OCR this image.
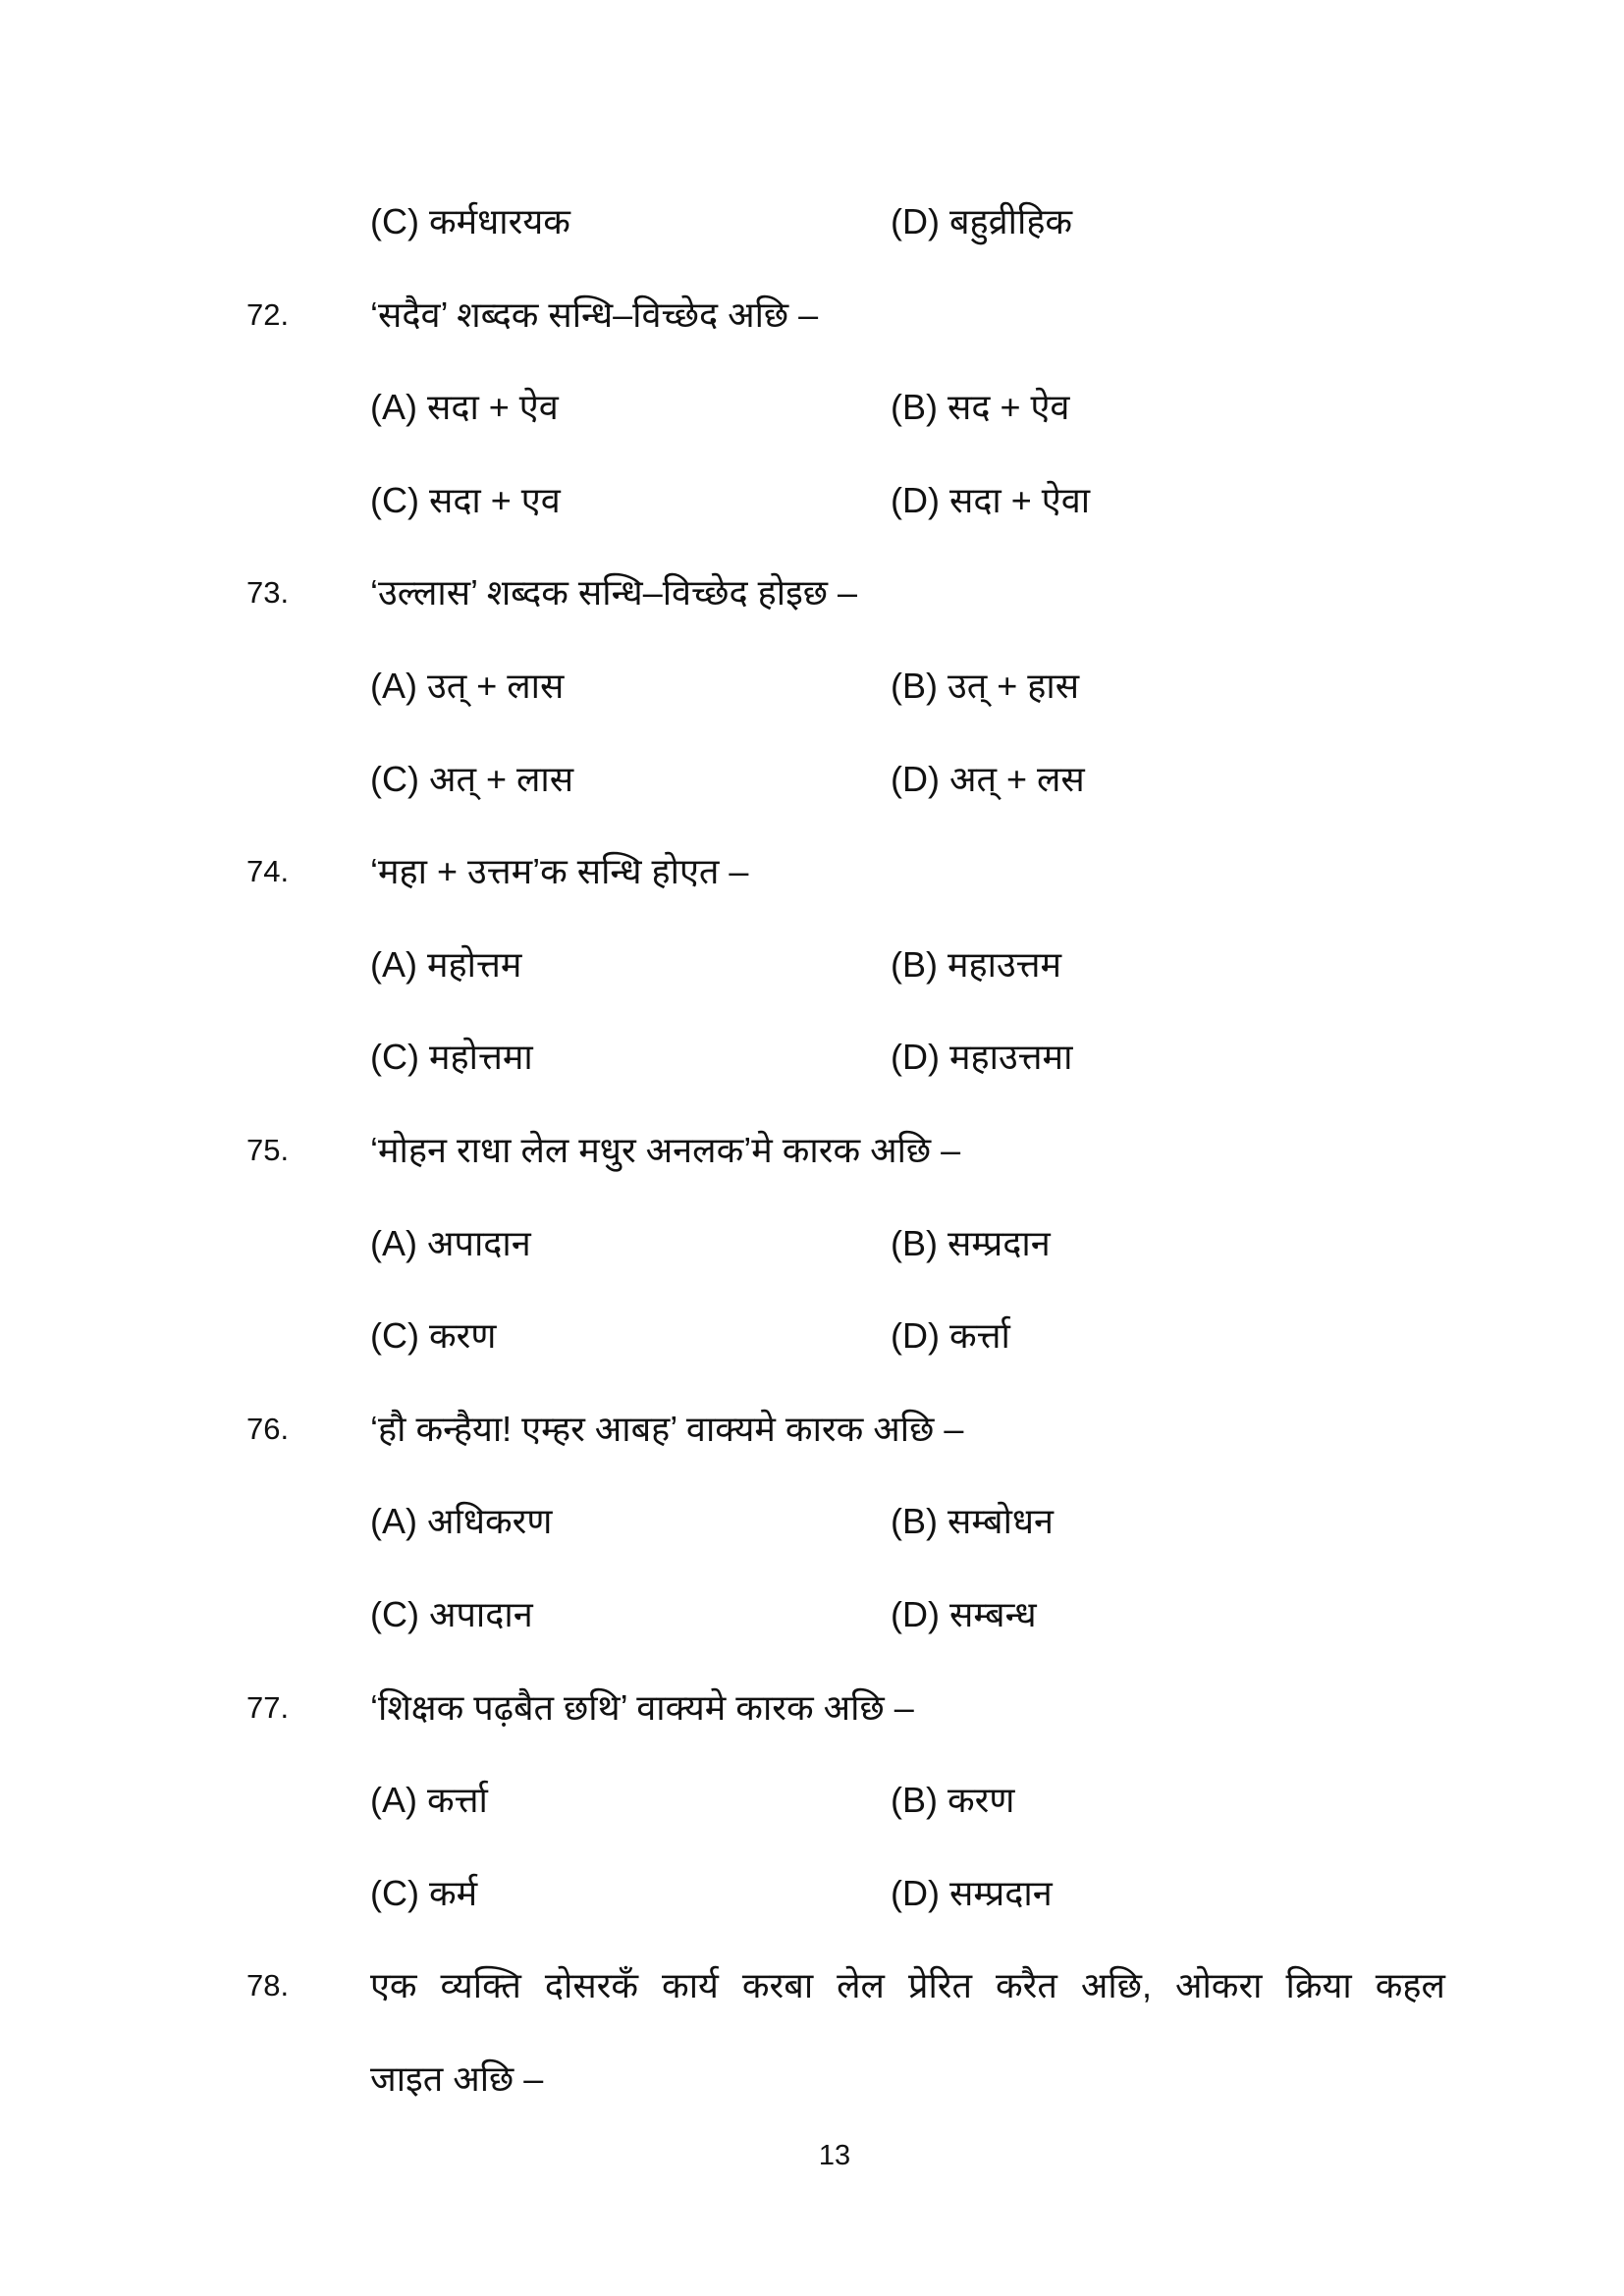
(C) कर्मधारयक	(D) बहुव्रीहिक
72. ‘सदैव’ शब्दक सन्धि–विच्छेद अछि –
(A) सदा + ऐव	(B) सद + ऐव
(C) सदा + एव	(D) सदा + ऐवा
73. ‘उल्लास’ शब्दक सन्धि–विच्छेद होइछ –
(A) उत् + लास	(B) उत् + हास
(C) अत् + लास	(D) अत् + लस
74. ‘महा + उत्तम’क सन्धि होएत –
(A) महोत्तम	(B) महाउत्तम
(C) महोत्तमा	(D) महाउत्तमा
75. ‘मोहन राधा लेल मधुर अनलक’मे कारक अछि –
(A) अपादान	(B) सम्प्रदान
(C) करण	(D) कर्त्ता
76. ‘हौ कन्हैया! एम्हर आबह’ वाक्यमे कारक अछि –
(A) अधिकरण	(B) सम्बोधन
(C) अपादान	(D) सम्बन्ध
77. ‘शिक्षक पढ़बैत छथि’ वाक्यमे कारक अछि –
(A) कर्त्ता	(B) करण
(C) कर्म	(D) सम्प्रदान
78. एक व्यक्ति दोसरकँ कार्य करबा लेल प्रेरित करैत अछि, ओकरा क्रिया कहल
जाइत अछि –
13
